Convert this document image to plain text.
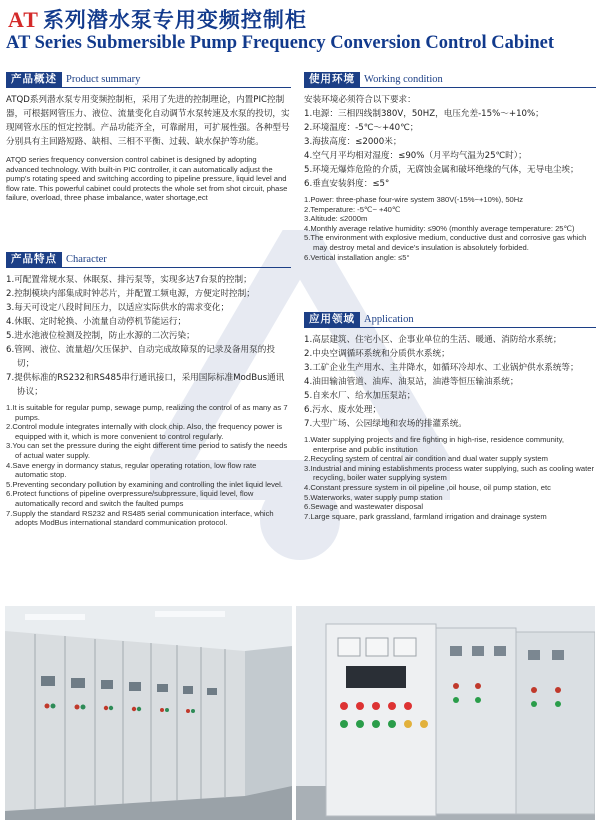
AT 系列潜水泵专用变频控制柜
AT Series Submersible Pump Frequency Conversion Control Cabinet
产品概述 Product summary

ATQD系列潜水泵专用变频控制柜，采用了先进的控制理论，内置PIC控制器，可根据网管压力、液位、流量变化自动调节水泵转速及水泵的投切，实现网管水压的恒定控制。产品功能齐全，可靠耐用，可扩展性强。各种型号分别具有主回路短路、缺相、三相不平衡、过载、缺水保护等功能。

ATQD series frequency conversion control cabinet is designed by adopting advanced technology. With built-in PIC controller, it can automatically adjust the pump's rotating speed and switching according to pipeline pressure, liquid level and flow rate. This powerful cabinet could protects the whole set from shot circuit, phase failure, overload, three phase imbalance, water shortage,ect

产品特点 Character
1.可配置常规水泵、休眠泵、排污泵等，实现多达7台泵的控制；
2.控制模块内部集成时钟芯片，并配置工频电源，方便定时控制；
3.每天可设定八段时间压力，以适应实际供水的需求变化；
4.休眠、定时轮换、小流量自动停机节能运行；
5.进水池液位检测及控制，防止水源的二次污染；
6.管网、液位、流量超/欠压保护、自动完成故障泵的记录及备用泵的投切；
7.提供标准的RS232和RS485串行通讯接口，采用国际标准ModBus通讯协议；
1.It is suitable for regular pump, sewage pump, realizing the control of as many as 7 pumps.
2.Control module integrates internally with clock chip. Also, the frequency power is equipped with it, which is more convenient to control regularly.
3.You can set the pressure during the eight different time period to satisfy the needs of actual water supply.
4.Save energy in dormancy status, regular operating rotation, low flow rate automatic stop.
5.Preventing secondary pollution by examining and controlling the inlet liquid level.
6.Protect functions of pipeline overpressure/subpressure, liquid level, flow automatically record and switch the faulted pumps
7.Supply the standard RS232 and RS485 serial communication interface, which adopts ModBus international standard communication protocol.
使用环境 Working condition

安装环境必须符合以下要求：

1.电源：三相四线制380V，50HZ，电压允差-15%～+10%；
2.环境温度：-5℃～+40℃；
3.海拔高度：≤2000米；
4.空气月平均相对湿度：≤90%（月平均气温为25℃时）；
5.环境无爆炸危险的介质，无腐蚀金属和破坏绝缘的气体，无导电尘埃；
6.垂直安装斜度：≤5°
1.Power: three-phase four-wire system 380V(-15%~+10%), 50Hz
2.Temperature: -5℃~ +40℃
3.Altitude: ≤2000m
4.Monthly average relative humidity: ≤90% (monthly average temperature: 25℃)
5.The environment with explosive medium, conductive dust and corrosive gas which may destroy metal and device's insulation is absolutely forbided.
6.Vertical installation angle: ≤5°
应用领域 Application
1.高层建筑、住宅小区、企事业单位的生活、暖通、消防给水系统；
2.中央空调循环系统和分质供水系统；
3.工矿企业生产用水、主井降水，如循环冷却水、工业锅炉供水系统等；
4.油田输油管道、油库、油泵站，油港等恒压输油系统；
5.自来水厂、给水加压泵站；
6.污水、废水处理；
7.大型广场、公园绿地和农场的排灌系统。
1.Water supplying projects and fire fighting in high-rise, residence community, enterprise and public institution
2.Recycling system of central air condition and dual water supply system
3.Industrial and mining establishments process water supplying, such as cooling water recycling, boiler water supplying system
4.Constant pressure system in oil pipeline ,oil house, oil pump station, etc
5.Waterworks, water supply pump station
6.Sewage and wastewater disposal
7.Large square, park grassland, farmland irrigation and drainage system
